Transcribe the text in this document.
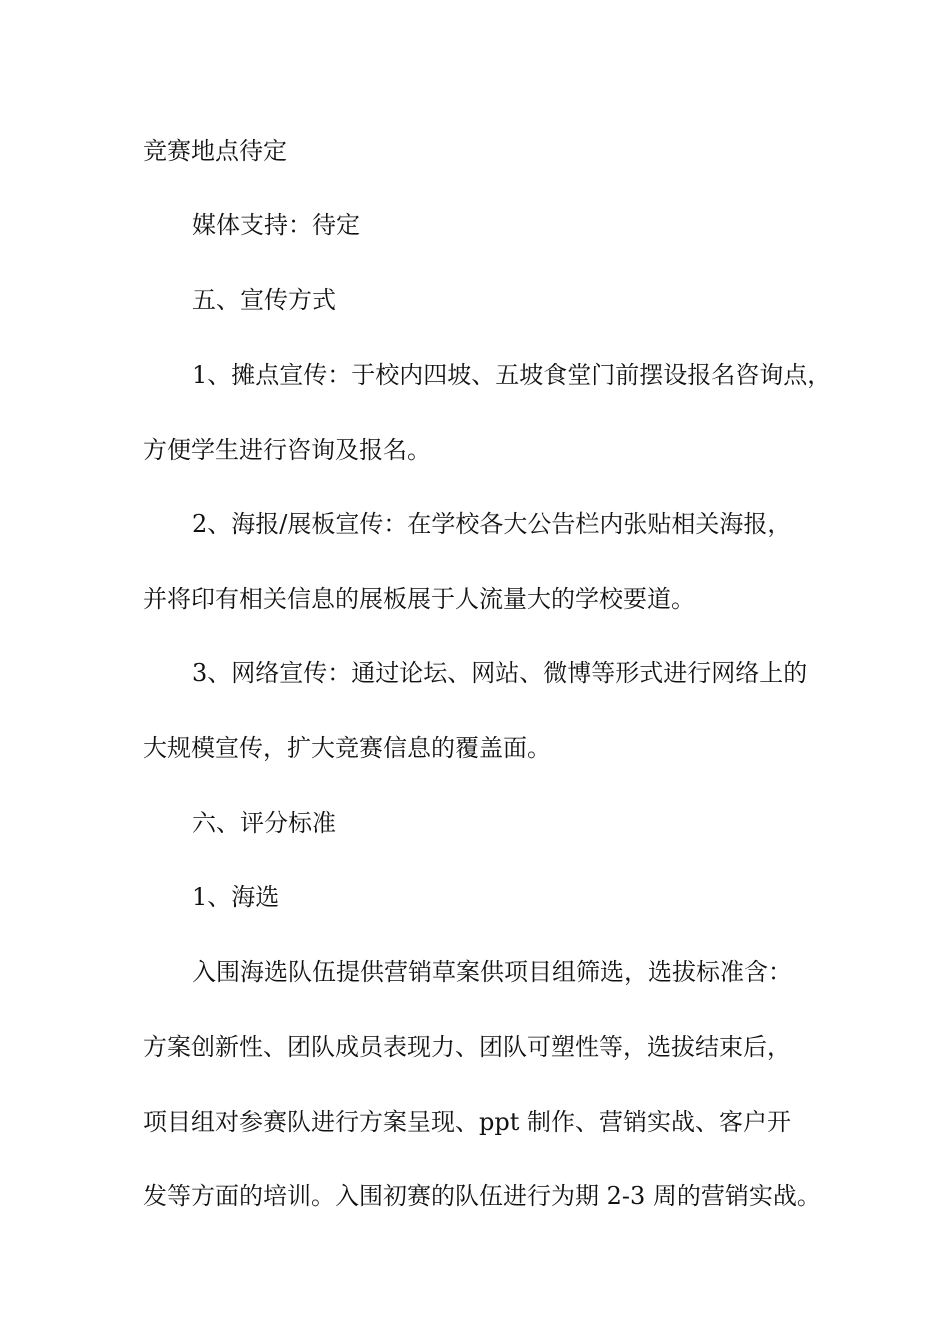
竞赛地点待定
媒体支持：待定
五、宣传方式
1、摊点宣传：于校内四坡、五坡食堂门前摆设报名咨询点，
方便学生进行咨询及报名。
2、海报/展板宣传：在学校各大公告栏内张贴相关海报，
并将印有相关信息的展板展于人流量大的学校要道。
3、网络宣传：通过论坛、网站、微博等形式进行网络上的
大规模宣传，扩大竞赛信息的覆盖面。
六、评分标准
1、海选
入围海选队伍提供营销草案供项目组筛选，选拔标准含：
方案创新性、团队成员表现力、团队可塑性等，选拔结束后，
项目组对参赛队进行方案呈现、ppt 制作、营销实战、客户开
发等方面的培训。入围初赛的队伍进行为期 2-3 周的营销实战。
